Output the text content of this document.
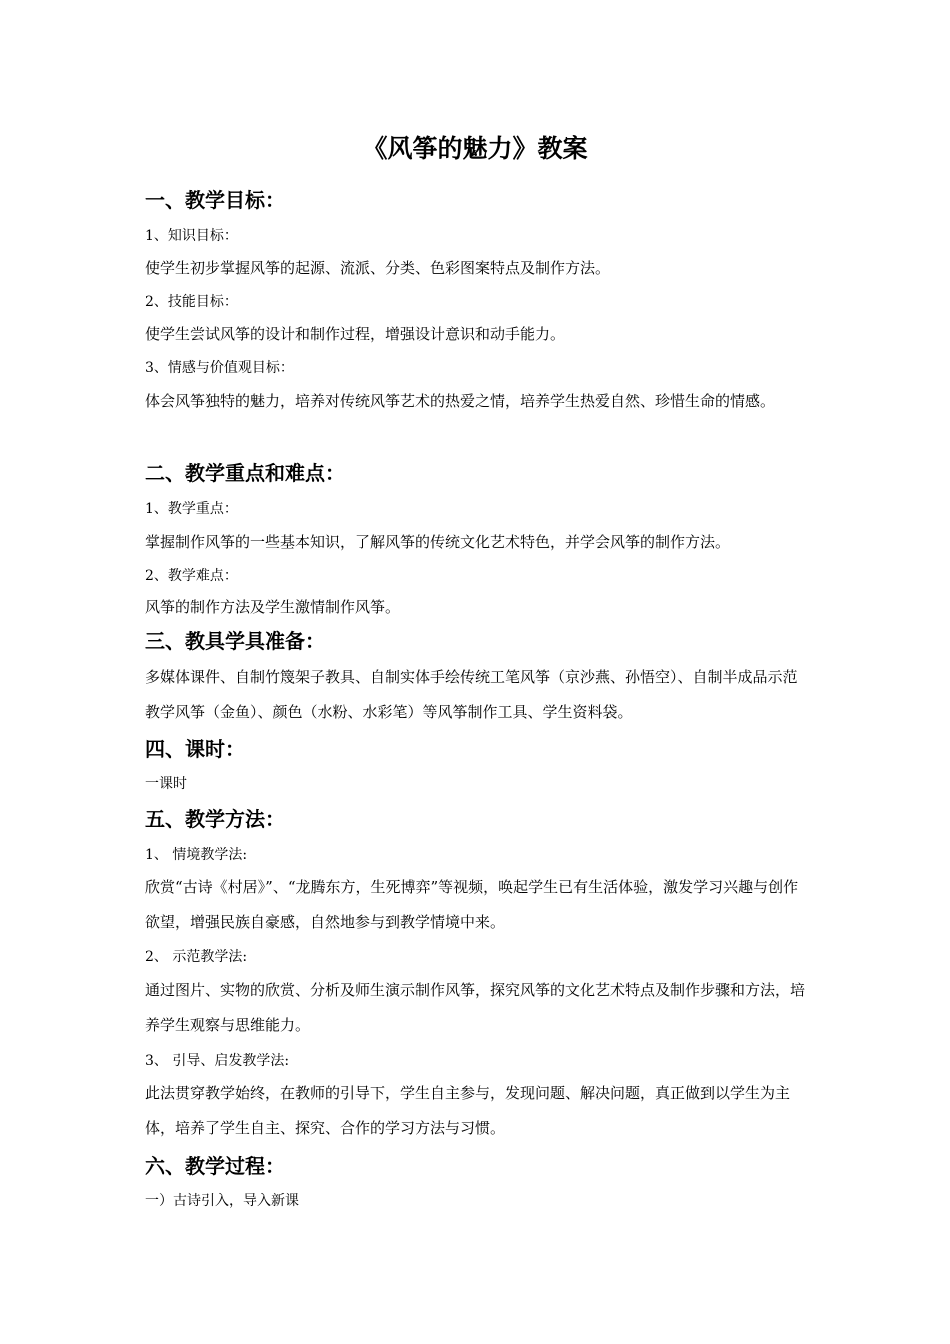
《风筝的魅力》教案
一、教学目标：
1、知识目标：
使学生初步掌握风筝的起源、流派、分类、色彩图案特点及制作方法。
2、技能目标：
使学生尝试风筝的设计和制作过程，增强设计意识和动手能力。
3、情感与价值观目标：
体会风筝独特的魅力，培养对传统风筝艺术的热爱之情，培养学生热爱自然、珍惜生命的情感。
二、教学重点和难点：
1、教学重点：
掌握制作风筝的一些基本知识，了解风筝的传统文化艺术特色，并学会风筝的制作方法。
2、教学难点：
风筝的制作方法及学生激情制作风筝。
三、教具学具准备：
多媒体课件、自制竹篾架子教具、自制实体手绘传统工笔风筝（京沙燕、孙悟空）、自制半成品示范教学风筝（金鱼）、颜色（水粉、水彩笔）等风筝制作工具、学生资料袋。
四、课时：
一课时
五、教学方法：
1、 情境教学法:
欣赏“古诗《村居》”、“龙腾东方，生死博弈”等视频，唤起学生已有生活体验，激发学习兴趣与创作欲望，增强民族自豪感，自然地参与到教学情境中来。
2、 示范教学法:
通过图片、实物的欣赏、分析及师生演示制作风筝，探究风筝的文化艺术特点及制作步骤和方法，培养学生观察与思维能力。
3、 引导、启发教学法:
此法贯穿教学始终，在教师的引导下，学生自主参与，发现问题、解决问题，真正做到以学生为主体，培养了学生自主、探究、合作的学习方法与习惯。
六、教学过程：
一）古诗引入，导入新课
